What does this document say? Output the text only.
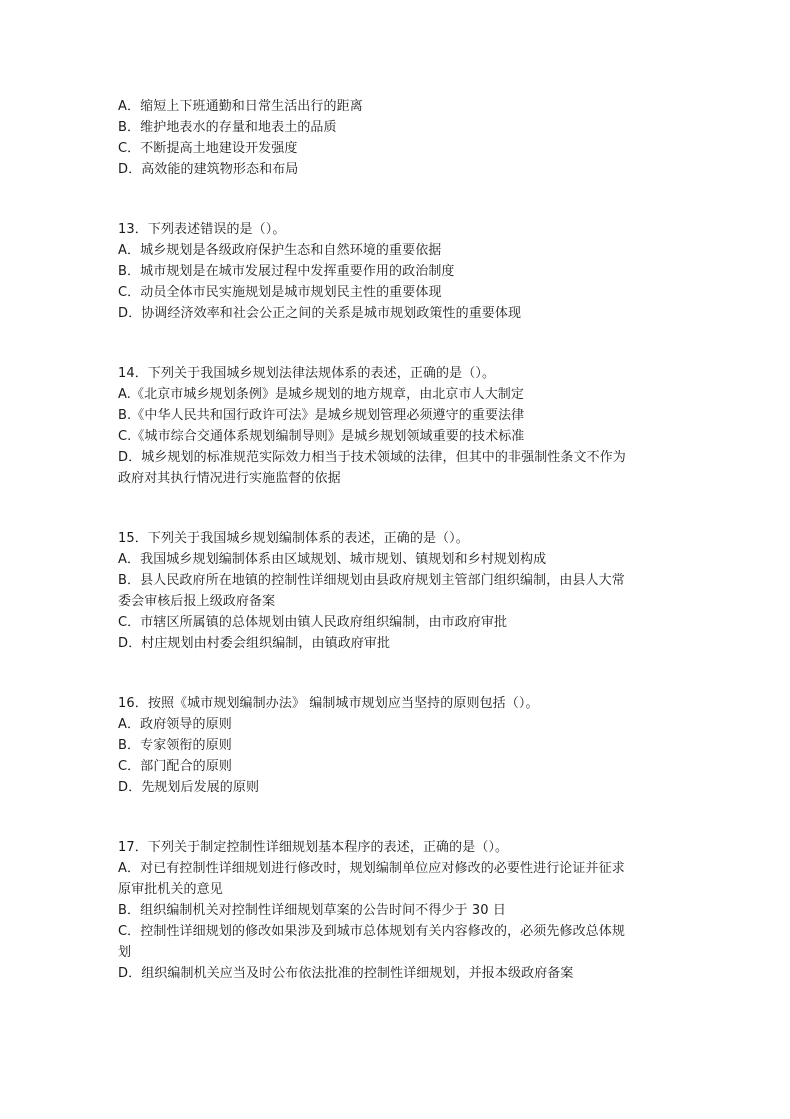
A．缩短上下班通勤和日常生活出行的距离
B．维护地表水的存量和地表土的品质
C．不断提高土地建设开发强度
D．高效能的建筑物形态和布局
13．下列表述错误的是（）。
A．城乡规划是各级政府保护生态和自然环境的重要依据
B．城市规划是在城市发展过程中发挥重要作用的政治制度
C．动员全体市民实施规划是城市规划民主性的重要体现
D．协调经济效率和社会公正之间的关系是城市规划政策性的重要体现
14．下列关于我国城乡规划法律法规体系的表述，正确的是（）。
A.《北京市城乡规划条例》是城乡规划的地方规章，由北京市人大制定
B.《中华人民共和国行政许可法》是城乡规划管理必须遵守的重要法律
C.《城市综合交通体系规划编制导则》是城乡规划领域重要的技术标准
D．城乡规划的标准规范实际效力相当于技术领域的法律，但其中的非强制性条文不作为
政府对其执行情况进行实施监督的依据
15．下列关于我国城乡规划编制体系的表述，正确的是（）。
A．我国城乡规划编制体系由区域规划、城市规划、镇规划和乡村规划构成
B．县人民政府所在地镇的控制性详细规划由县政府规划主管部门组织编制，由县人大常
委会审核后报上级政府备案
C．市辖区所属镇的总体规划由镇人民政府组织编制，由市政府审批
D．村庄规划由村委会组织编制，由镇政府审批
16．按照《城市规划编制办法》 编制城市规划应当坚持的原则包括（）。
A．政府领导的原则
B．专家领衔的原则
C．部门配合的原则
D．先规划后发展的原则
17．下列关于制定控制性详细规划基本程序的表述，正确的是（）。
A．对已有控制性详细规划进行修改时，规划编制单位应对修改的必要性进行论证并征求
原审批机关的意见
B．组织编制机关对控制性详细规划草案的公告时间不得少于 30 日
C．控制性详细规划的修改如果涉及到城市总体规划有关内容修改的，必须先修改总体规
划
D．组织编制机关应当及时公布依法批准的控制性详细规划，并报本级政府备案
